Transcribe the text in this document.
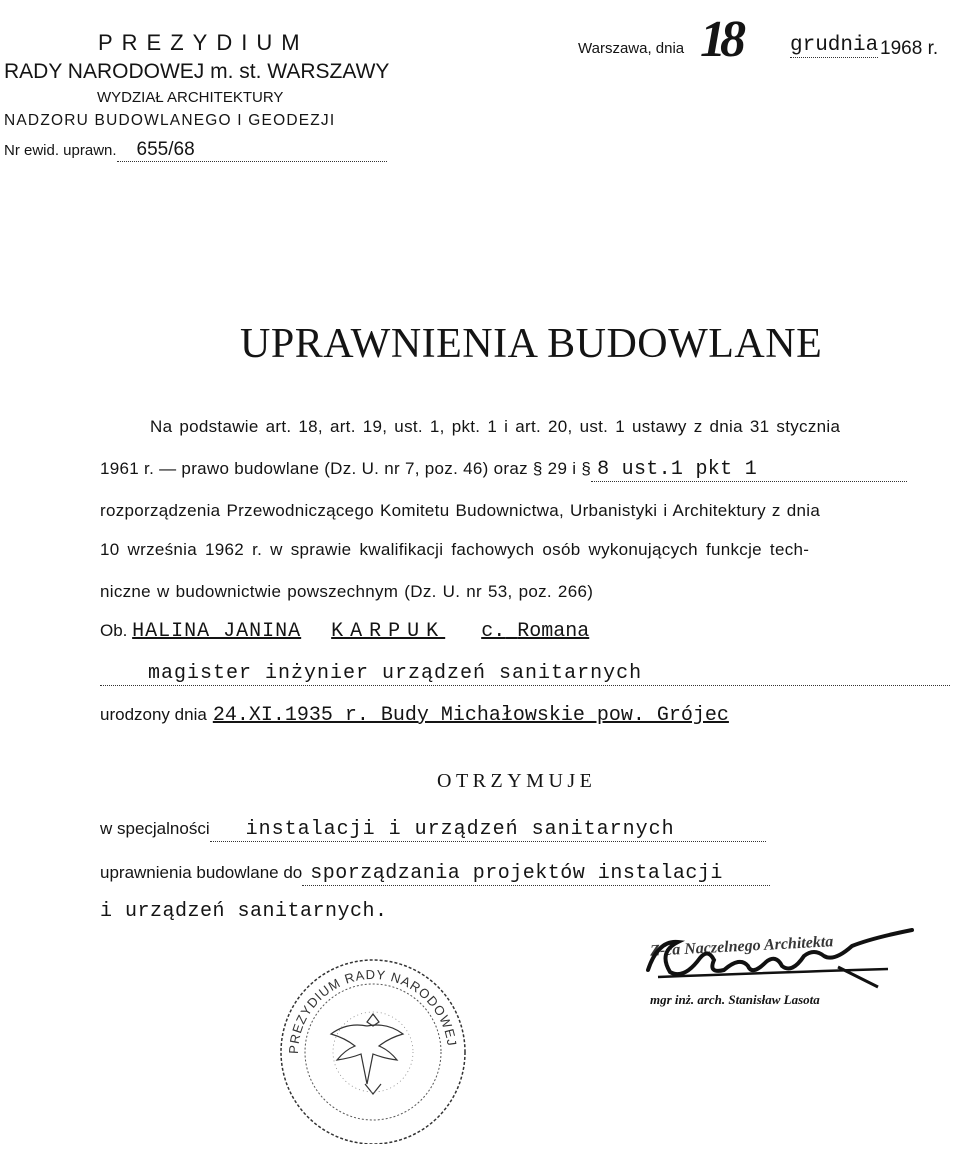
PREZYDIUM
RADY NARODOWEJ m. st. WARSZAWY
WYDZIAŁ ARCHITEKTURY
NADZORU BUDOWLANEGO I GEODEZJI
Nr ewid. uprawn. 655/68
Warszawa, dnia 18 grudnia 1968 r.
UPRAWNIENIA BUDOWLANE
Na podstawie art. 18, art. 19, ust. 1, pkt. 1 i art. 20, ust. 1 ustawy z dnia 31 stycznia
1961 r. — prawo budowlane (Dz. U. nr 7, poz. 46) oraz § 29 i § 8 ust.1 pkt 1
rozporządzenia Przewodniczącego Komitetu Budownictwa, Urbanistyki i Architektury z dnia
10 września 1962 r. w sprawie kwalifikacji fachowych osób wykonujących funkcje tech-
niczne w budownictwie powszechnym (Dz. U. nr 53, poz. 266)
Ob. HALINA JANINA KARPUK c. Romana
magister inżynier urządzeń sanitarnych
urodzony dnia 24.XI.1935 r. Budy Michałowskie pow. Grójec
OTRZYMUJE
w specjalności instalacji i urządzeń sanitarnych
uprawnienia budowlane do sporządzania projektów instalacji
i urządzeń sanitarnych.
PREZYDIUM RADY NARODOWEJ
Z-ca Naczelnego Architekta
mgr inż. arch. Stanisław Lasota
